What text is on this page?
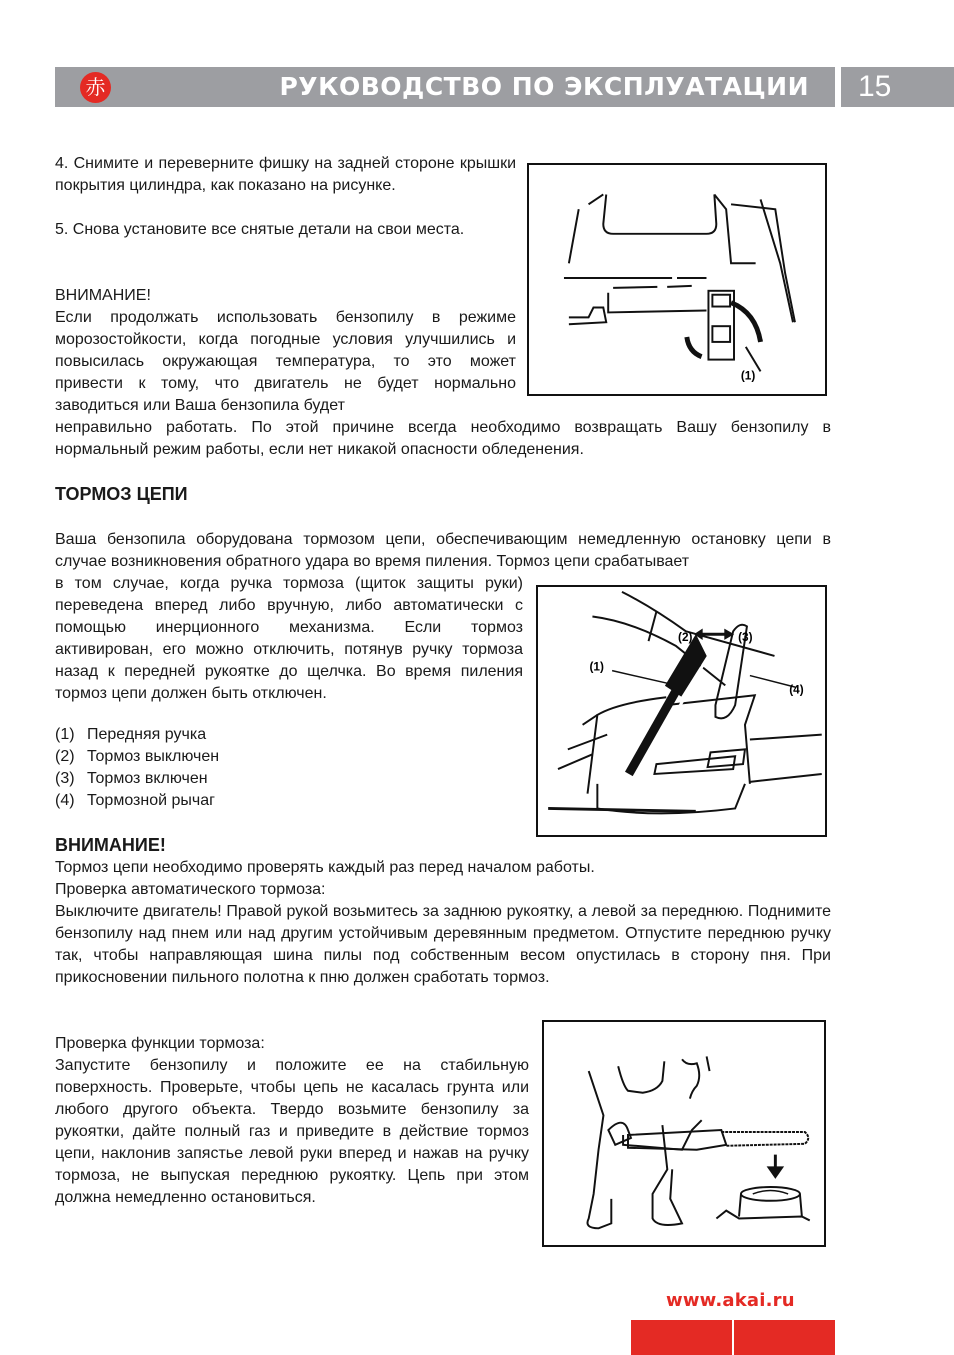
赤	РУКОВОДСТВО ПО ЭКСПЛУАТАЦИИ 15

4. Снимите и переверните фишку на задней стороне крышки покрытия цилиндра, как показано на рисунке.

5. Снова установите все снятые детали на свои места.

ВНИМАНИЕ!

Если продолжать использовать бензопилу в режиме морозостойкости, когда погодные условия улучшились и повысилась окружающая температура, то это может привести к тому, что двигатель не будет нормально заводиться или Ваша бензопила будет

неправильно работать. По этой причине всегда необходимо возвращать Вашу бензопилу в нормальный режим работы, если нет никакой опасности обледенения.

(1)
ТОРМОЗ ЦЕПИ

Ваша бензопила оборудована тормозом цепи, обеспечивающим немедленную остановку цепи в случае возникновения обратного удара во время пиления. Тормоз цепи срабатывает

в том случае, когда ручка тормоза (щиток защиты руки) переведена вперед либо вручную, либо автоматически с помощью инерционного механизма. Если тормоз активирован, его можно отключить, потянув ручку тормоза назад к передней рукоятке до щелчка. Во время пиления тормоз цепи должен быть отключен.

(2)	(3)
(1)
(4)
(1) Передняя ручка
(2) Тормоз выключен
(3) Тормоз включен
(4) Тормозной рычаг
ВНИМАНИЕ!

Тормоз цепи необходимо проверять каждый раз перед началом работы.

Проверка автоматического тормоза:

Выключите двигатель! Правой рукой возьмитесь за заднюю рукоятку, а левой за переднюю. Поднимите бензопилу над пнем или над другим устойчивым деревянным предметом. Отпустите переднюю ручку так, чтобы направляющая шина пилы под собственным весом опустилась в сторону пня. При прикосновении пильного полотна к пню должен сработать тормоз.

Проверка функции тормоза:

Запустите бензопилу и положите ее на стабильную поверхность. Проверьте, чтобы цепь не касалась грунта или любого другого объекта. Твердо возьмите бензопилу за рукоятки, дайте полный газ и приведите в действие тормоз цепи, наклонив запястье левой руки вперед и нажав на ручку тормоза, не выпуская переднюю рукоятку. Цепь при этом должна немедленно остановиться.

www.akai.ru
